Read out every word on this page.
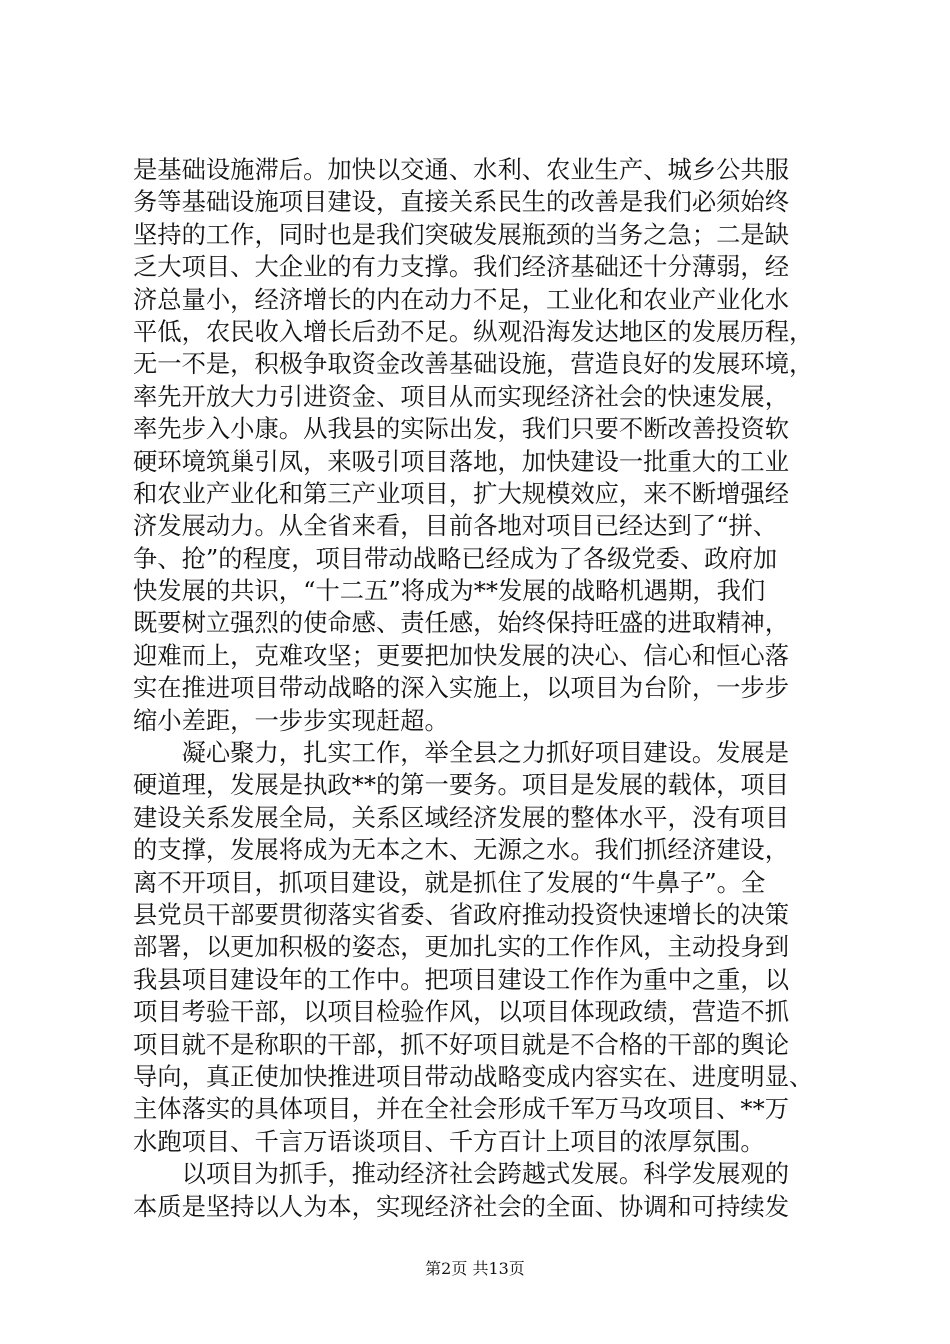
是基础设施滞后。加快以交通、水利、农业生产、城乡公共服
务等基础设施项目建设，直接关系民生的改善是我们必须始终
坚持的工作，同时也是我们突破发展瓶颈的当务之急；二是缺
乏大项目、大企业的有力支撑。我们经济基础还十分薄弱，经
济总量小，经济增长的内在动力不足，工业化和农业产业化水
平低，农民收入增长后劲不足。纵观沿海发达地区的发展历程，
无一不是，积极争取资金改善基础设施，营造良好的发展环境，
率先开放大力引进资金、项目从而实现经济社会的快速发展，
率先步入小康。从我县的实际出发，我们只要不断改善投资软
硬环境筑巢引凤，来吸引项目落地，加快建设一批重大的工业
和农业产业化和第三产业项目，扩大规模效应，来不断增强经
济发展动力。从全省来看，目前各地对项目已经达到了“拼、
争、抢”的程度，项目带动战略已经成为了各级党委、政府加
快发展的共识，“十二五”将成为**发展的战略机遇期，我们
既要树立强烈的使命感、责任感，始终保持旺盛的进取精神，
迎难而上，克难攻坚；更要把加快发展的决心、信心和恒心落
实在推进项目带动战略的深入实施上，以项目为台阶，一步步
缩小差距，一步步实现赶超。
　　凝心聚力，扎实工作，举全县之力抓好项目建设。发展是
硬道理，发展是执政**的第一要务。项目是发展的载体，项目
建设关系发展全局，关系区域经济发展的整体水平，没有项目
的支撑，发展将成为无本之木、无源之水。我们抓经济建设，
离不开项目，抓项目建设，就是抓住了发展的“牛鼻子”。全
县党员干部要贯彻落实省委、省政府推动投资快速增长的决策
部署，以更加积极的姿态，更加扎实的工作作风，主动投身到
我县项目建设年的工作中。把项目建设工作作为重中之重，以
项目考验干部，以项目检验作风，以项目体现政绩，营造不抓
项目就不是称职的干部，抓不好项目就是不合格的干部的舆论
导向，真正使加快推进项目带动战略变成内容实在、进度明显、
主体落实的具体项目，并在全社会形成千军万马攻项目、**万
水跑项目、千言万语谈项目、千方百计上项目的浓厚氛围。
　　以项目为抓手，推动经济社会跨越式发展。科学发展观的
本质是坚持以人为本，实现经济社会的全面、协调和可持续发
第2页 共13页
